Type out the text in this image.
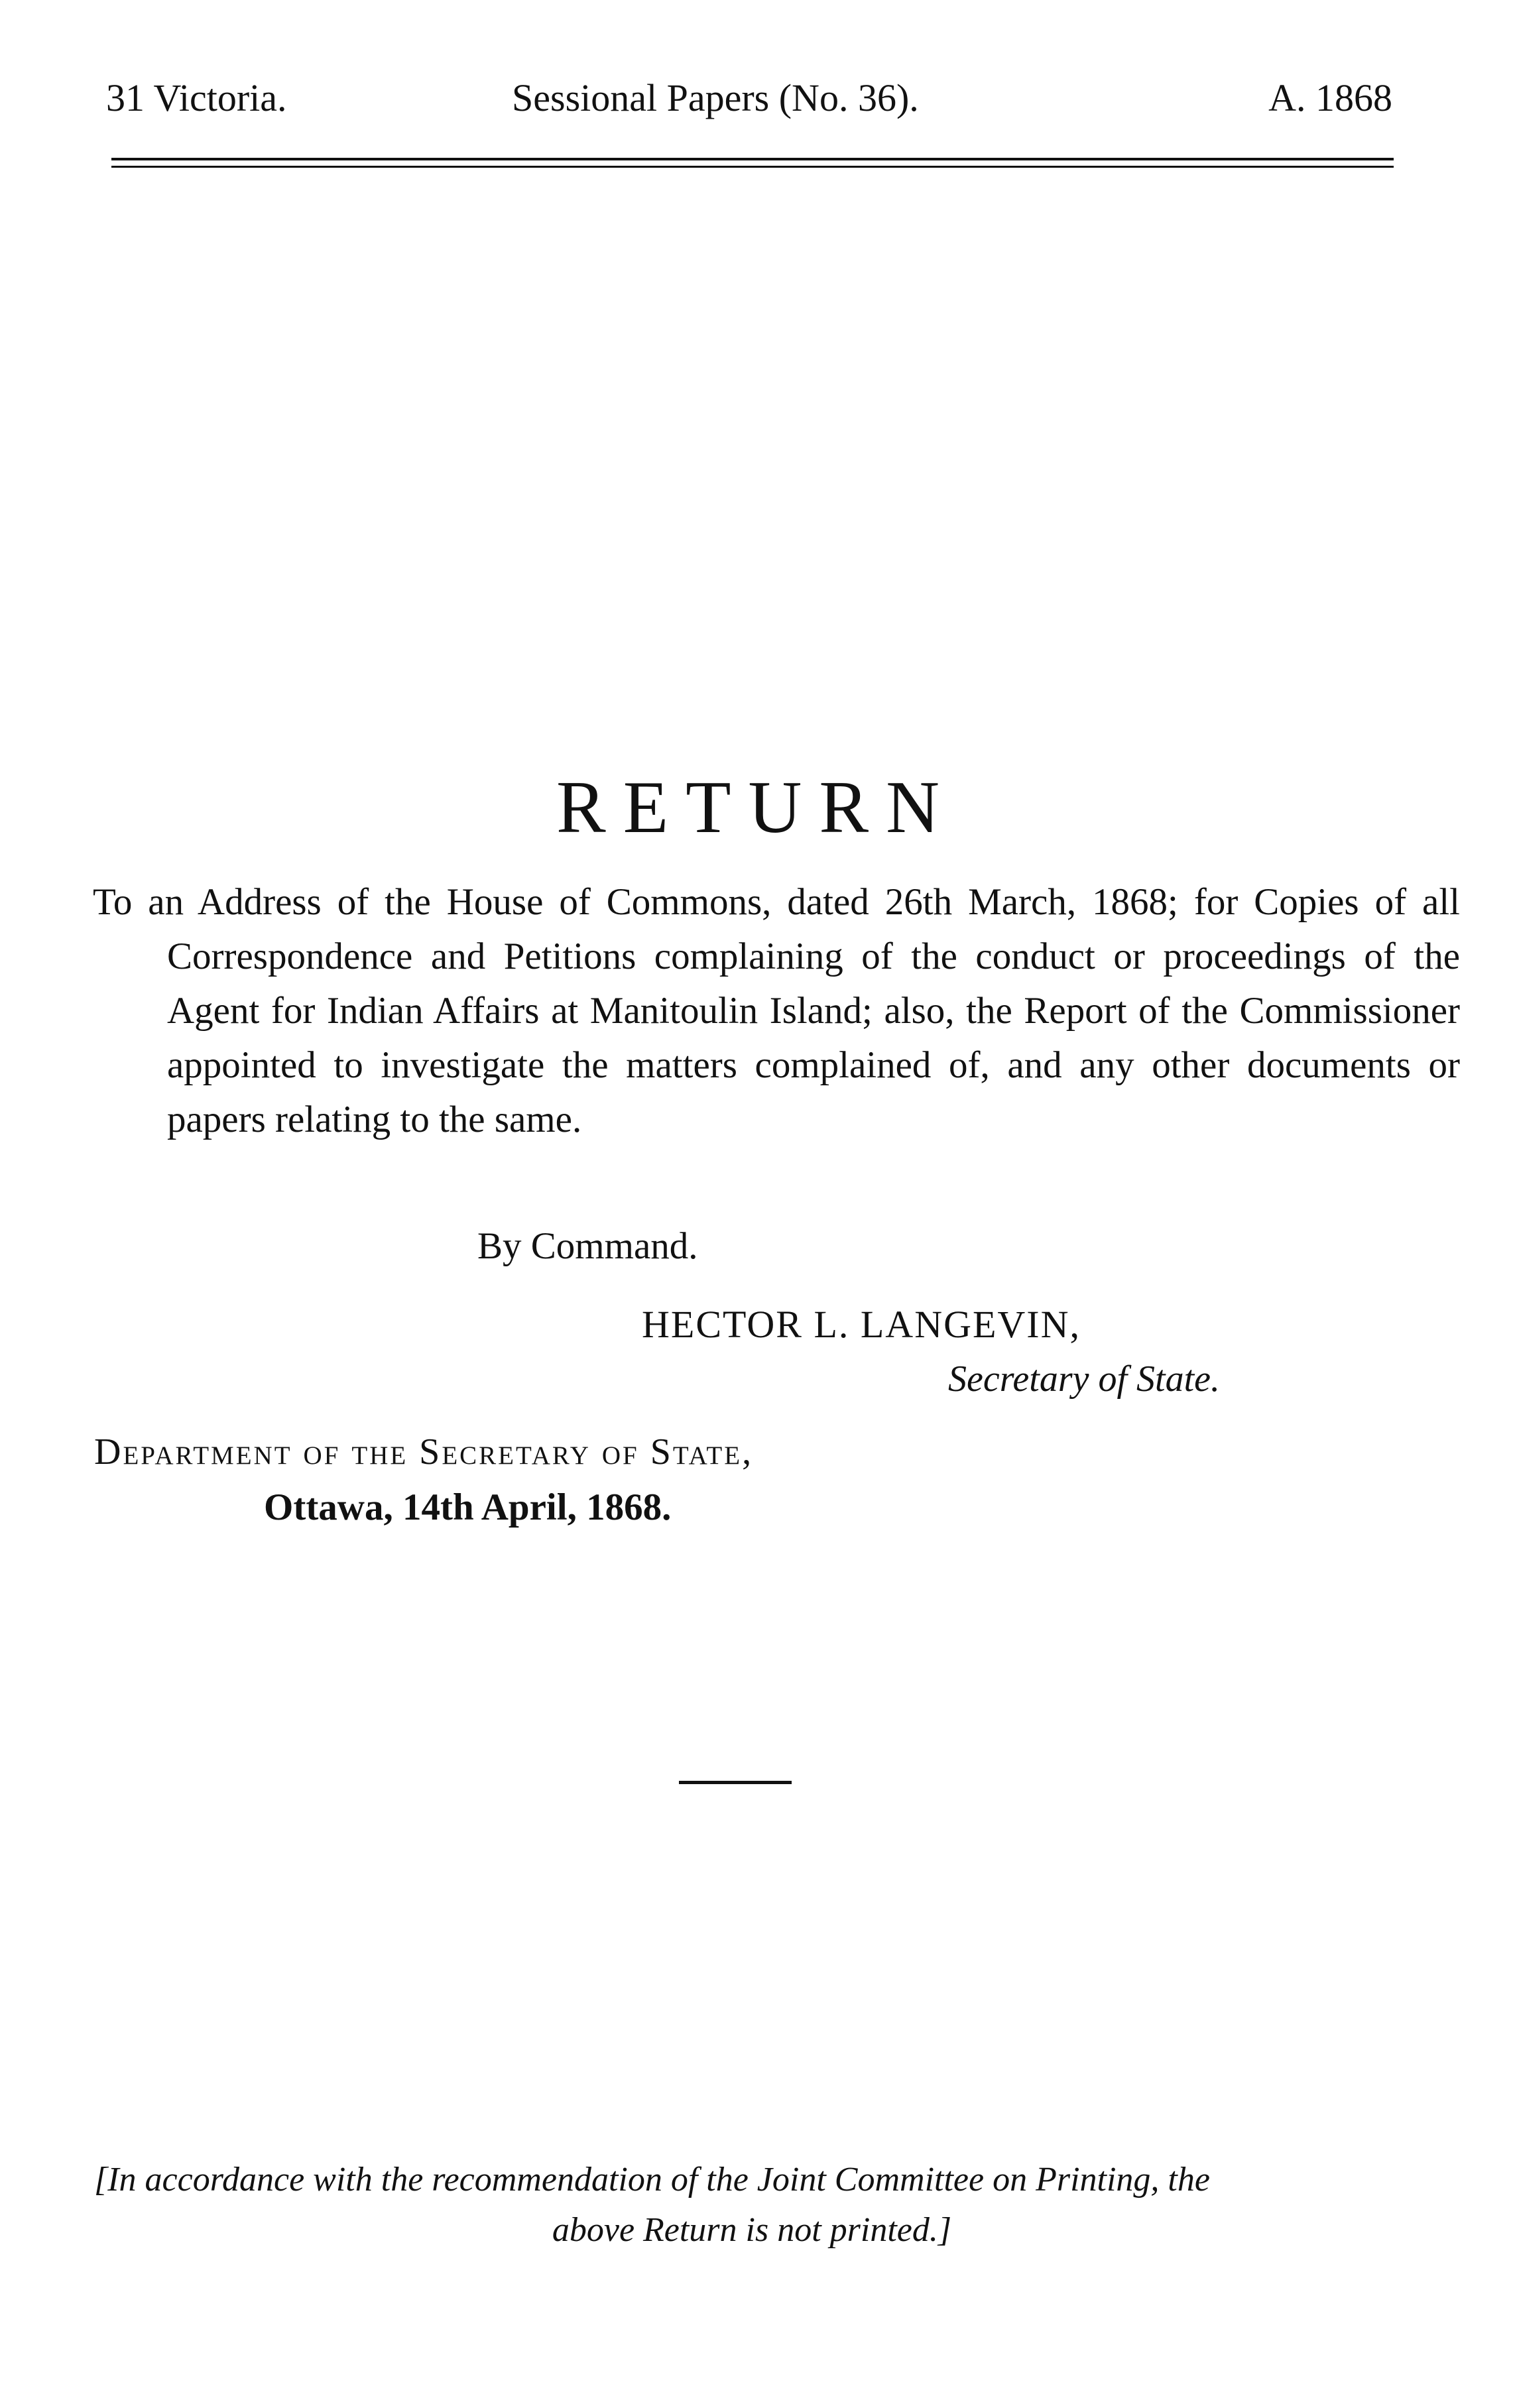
31 Victoria.	Sessional Papers (No. 36).	A. 1868
RETURN
To an Address of the House of Commons, dated 26th March, 1868; for Copies of all Correspondence and Petitions complaining of the conduct or proceedings of the Agent for Indian Affairs at Manitoulin Island; also, the Report of the Commissioner appointed to investigate the matters complained of, and any other documents or papers relating to the same.
By Command.
HECTOR L. LANGEVIN,
Secretary of State.
Department of the Secretary of State,
Ottawa, 14th April, 1868.
[In accordance with the recommendation of the Joint Committee on Printing, the
above Return is not printed.]
